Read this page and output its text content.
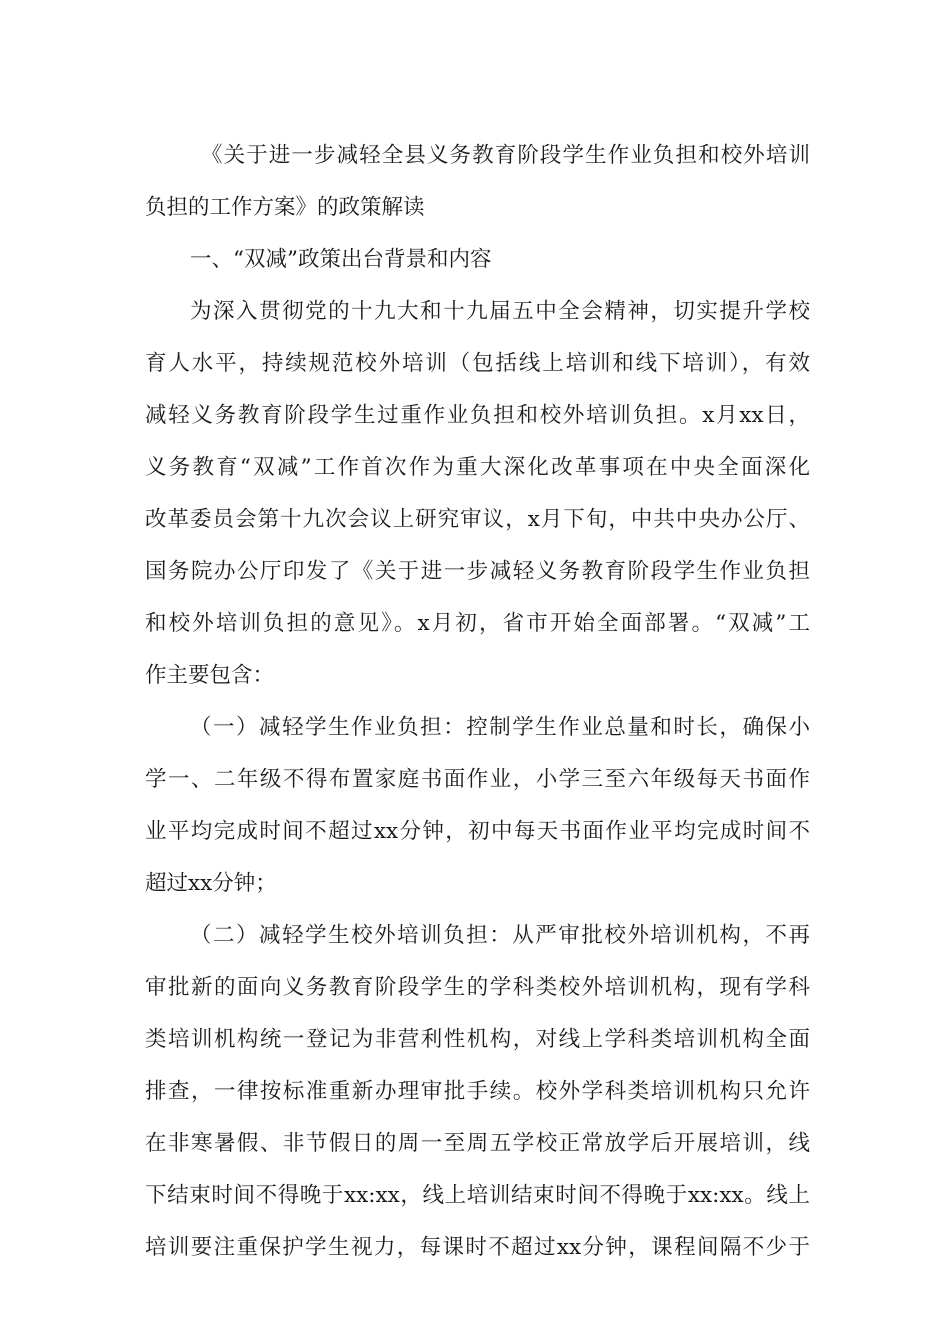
《关于进一步减轻全县义务教育阶段学生作业负担和校外培训
负担的工作方案》的政策解读
一、“双减”政策出台背景和内容
为深入贯彻党的十九大和十九届五中全会精神，切实提升学校
育人水平，持续规范校外培训（包括线上培训和线下培训），有效
减轻义务教育阶段学生过重作业负担和校外培训负担。x月xx日，
义务教育“双减”工作首次作为重大深化改革事项在中央全面深化
改革委员会第十九次会议上研究审议，x月下旬，中共中央办公厅、
国务院办公厅印发了《关于进一步减轻义务教育阶段学生作业负担
和校外培训负担的意见》。x月初，省市开始全面部署。“双减”工
作主要包含：
（一）减轻学生作业负担：控制学生作业总量和时长，确保小
学一、二年级不得布置家庭书面作业，小学三至六年级每天书面作
业平均完成时间不超过xx分钟，初中每天书面作业平均完成时间不
超过xx分钟；
（二）减轻学生校外培训负担：从严审批校外培训机构，不再
审批新的面向义务教育阶段学生的学科类校外培训机构，现有学科
类培训机构统一登记为非营利性机构，对线上学科类培训机构全面
排查，一律按标准重新办理审批手续。校外学科类培训机构只允许
在非寒暑假、非节假日的周一至周五学校正常放学后开展培训，线
下结束时间不得晚于xx:xx，线上培训结束时间不得晚于xx:xx。线上
培训要注重保护学生视力，每课时不超过xx分钟，课程间隔不少于
